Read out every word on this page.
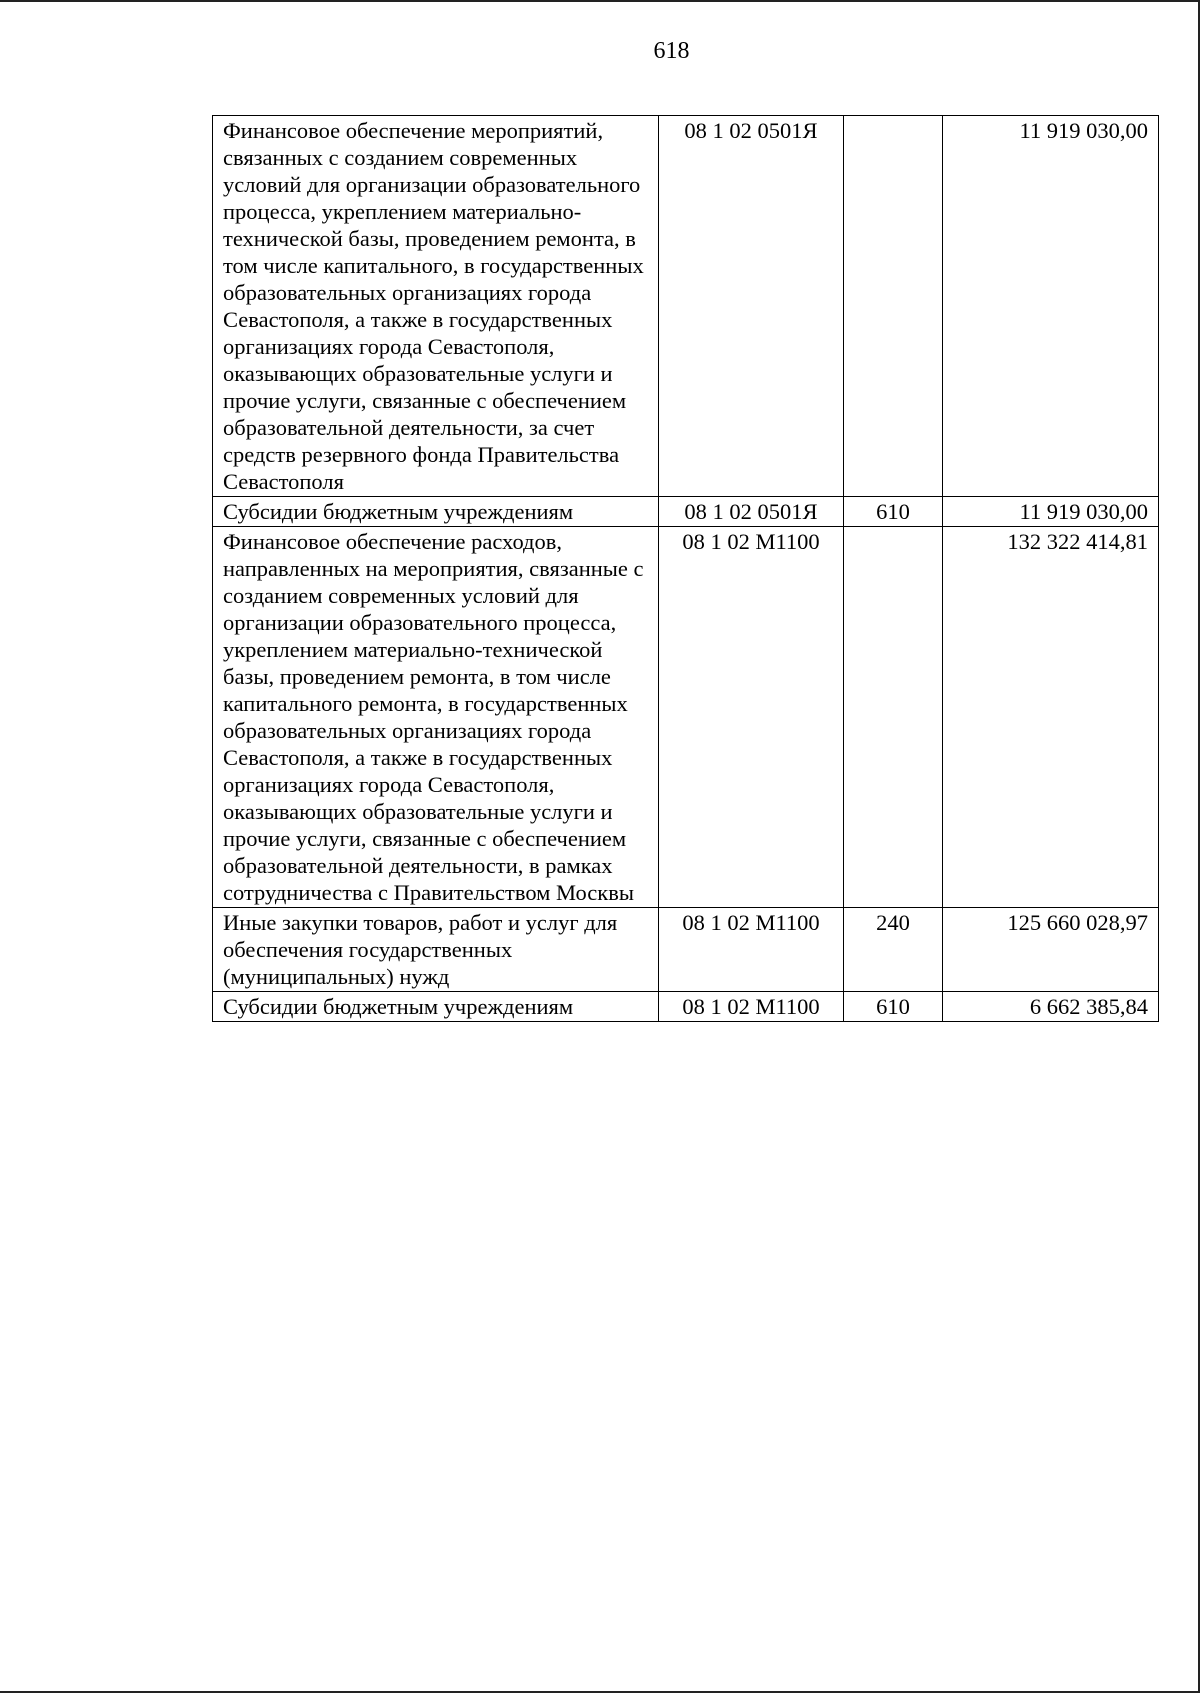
618
Финансовое обеспечение мероприятий, связанных с созданием современных условий для организации образовательного процесса, укреплением материально-технической базы, проведением ремонта, в том числе капитального, в государственных образовательных организациях города Севастополя, а также в государственных организациях города Севастополя, оказывающих образовательные услуги и прочие услуги, связанные с обеспечением образовательной деятельности, за счет средств резервного фонда Правительства Севастополя	08 1 02 0501Я		11 919 030,00
Субсидии бюджетным учреждениям	08 1 02 0501Я	610	11 919 030,00
Финансовое обеспечение расходов, направленных на мероприятия, связанные с созданием современных условий для организации образовательного процесса, укреплением материально-технической базы, проведением ремонта, в том числе капитального ремонта, в государственных образовательных организациях города Севастополя, а также в государственных организациях города Севастополя, оказывающих образовательные услуги и прочие услуги, связанные с обеспечением образовательной деятельности, в рамках сотрудничества с Правительством Москвы	08 1 02 М1100		132 322 414,81
Иные закупки товаров, работ и услуг для обеспечения государственных (муниципальных) нужд	08 1 02 М1100	240	125 660 028,97
Субсидии бюджетным учреждениям	08 1 02 М1100	610	6 662 385,84
